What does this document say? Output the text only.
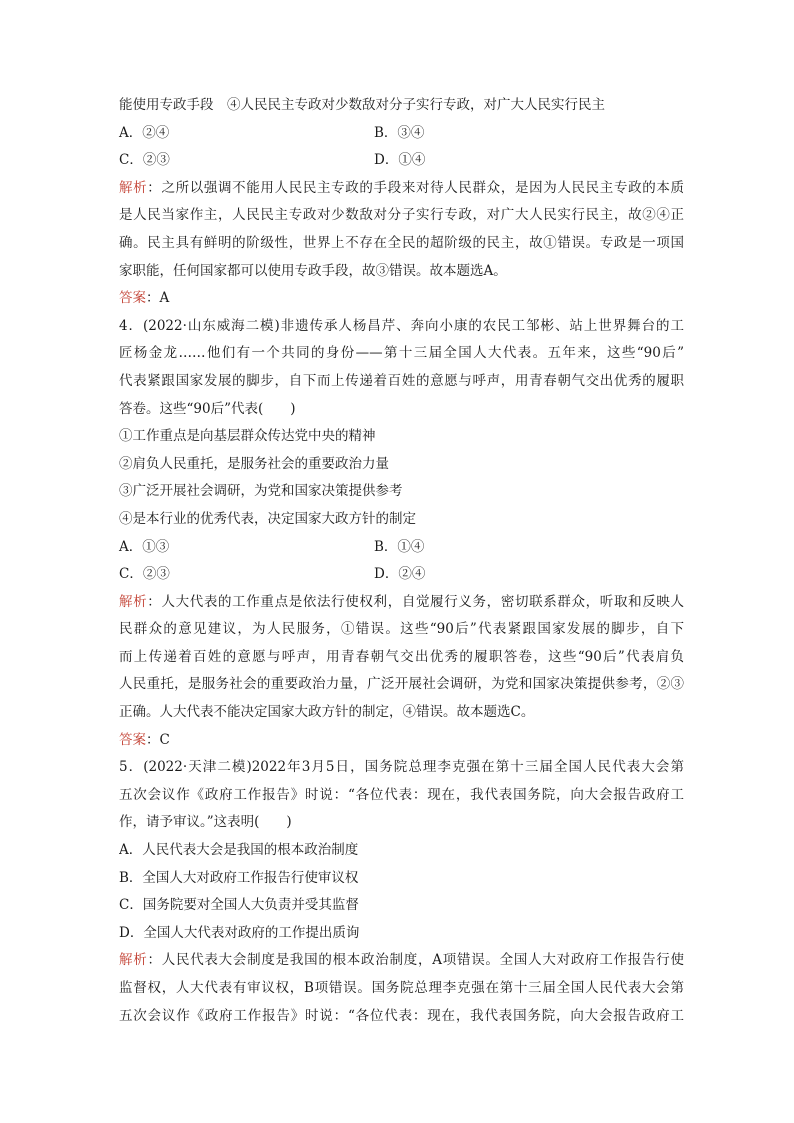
能使用专政手段　④人民民主专政对少数敌对分子实行专政，对广大人民实行民主
A．②④	B．③④
C．②③	D．①④
解析：之所以强调不能用人民民主专政的手段来对待人民群众，是因为人民民主专政的本质
是人民当家作主，人民民主专政对少数敌对分子实行专政，对广大人民实行民主，故②④正
确。民主具有鲜明的阶级性，世界上不存在全民的超阶级的民主，故①错误。专政是一项国
家职能，任何国家都可以使用专政手段，故③错误。故本题选A。
答案：A
4．(2022·山东威海二模)非遗传承人杨昌芹、奔向小康的农民工邹彬、站上世界舞台的工
匠杨金龙……他们有一个共同的身份——第十三届全国人大代表。五年来，这些“90后”
代表紧跟国家发展的脚步，自下而上传递着百姓的意愿与呼声，用青春朝气交出优秀的履职
答卷。这些“90后”代表(　　)
①工作重点是向基层群众传达党中央的精神
②肩负人民重托，是服务社会的重要政治力量
③广泛开展社会调研，为党和国家决策提供参考
④是本行业的优秀代表，决定国家大政方针的制定
A．①③	B．①④
C．②③	D．②④
解析：人大代表的工作重点是依法行使权利，自觉履行义务，密切联系群众，听取和反映人
民群众的意见建议，为人民服务，①错误。这些“90后”代表紧跟国家发展的脚步，自下
而上传递着百姓的意愿与呼声，用青春朝气交出优秀的履职答卷，这些“90后”代表肩负
人民重托，是服务社会的重要政治力量，广泛开展社会调研，为党和国家决策提供参考，②③
正确。人大代表不能决定国家大政方针的制定，④错误。故本题选C。
答案：C
5．(2022·天津二模)2022年3月5日，国务院总理李克强在第十三届全国人民代表大会第
五次会议作《政府工作报告》时说：“各位代表：现在，我代表国务院，向大会报告政府工
作，请予审议。”这表明(　　)
A．人民代表大会是我国的根本政治制度
B．全国人大对政府工作报告行使审议权
C．国务院要对全国人大负责并受其监督
D．全国人大代表对政府的工作提出质询
解析：人民代表大会制度是我国的根本政治制度，A项错误。全国人大对政府工作报告行使
监督权，人大代表有审议权，B项错误。国务院总理李克强在第十三届全国人民代表大会第
五次会议作《政府工作报告》时说：“各位代表：现在，我代表国务院，向大会报告政府工
